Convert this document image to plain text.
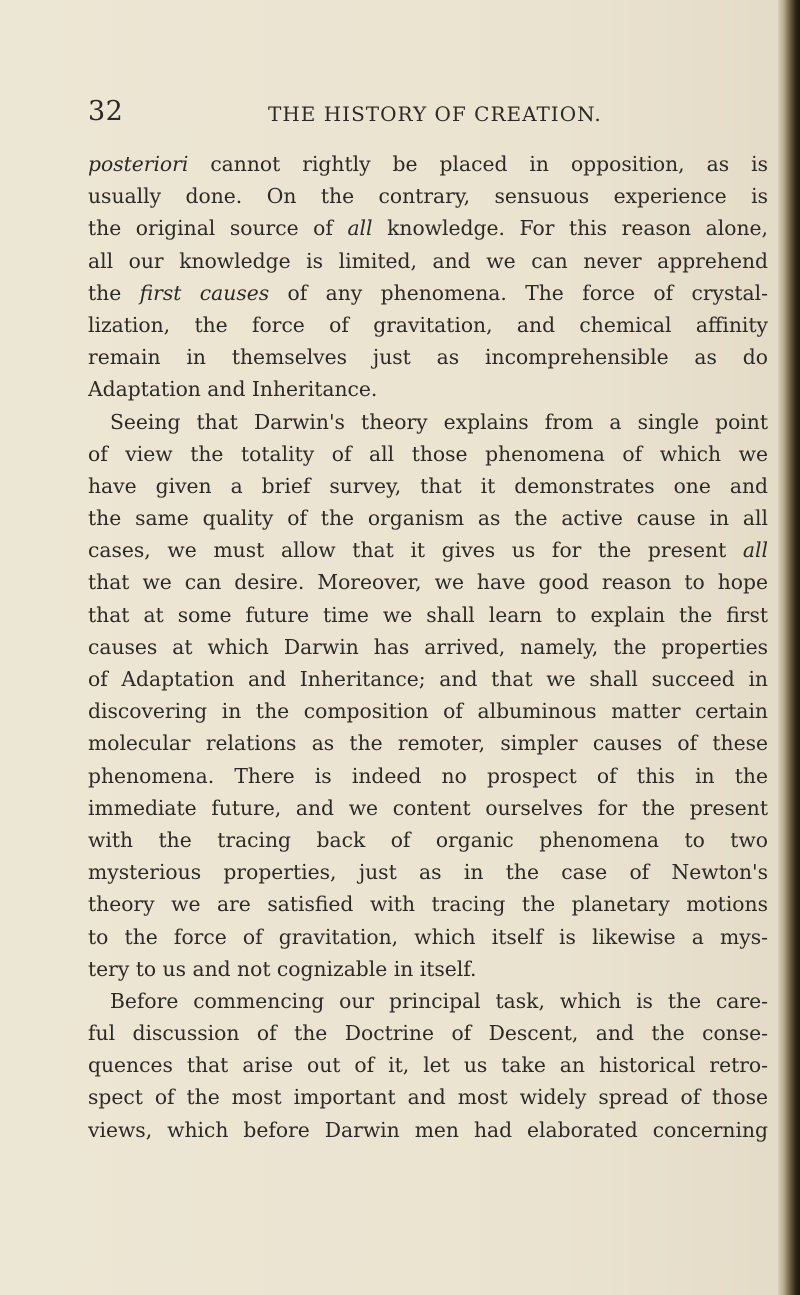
32	THE HISTORY OF CREATION.
posteriori cannot rightly be placed in opposition, as is
usually done. On the contrary, sensuous experience is
the original source of all knowledge. For this reason alone,
all our knowledge is limited, and we can never apprehend
the first causes of any phenomena. The force of crystal-
lization, the force of gravitation, and chemical affinity
remain in themselves just as incomprehensible as do
Adaptation and Inheritance.
Seeing that Darwin's theory explains from a single point
of view the totality of all those phenomena of which we
have given a brief survey, that it demonstrates one and
the same quality of the organism as the active cause in all
cases, we must allow that it gives us for the present all
that we can desire. Moreover, we have good reason to hope
that at some future time we shall learn to explain the first
causes at which Darwin has arrived, namely, the properties
of Adaptation and Inheritance; and that we shall succeed in
discovering in the composition of albuminous matter certain
molecular relations as the remoter, simpler causes of these
phenomena. There is indeed no prospect of this in the
immediate future, and we content ourselves for the present
with the tracing back of organic phenomena to two
mysterious properties, just as in the case of Newton's
theory we are satisfied with tracing the planetary motions
to the force of gravitation, which itself is likewise a mys-
tery to us and not cognizable in itself.
Before commencing our principal task, which is the care-
ful discussion of the Doctrine of Descent, and the conse-
quences that arise out of it, let us take an historical retro-
spect of the most important and most widely spread of those
views, which before Darwin men had elaborated concerning
